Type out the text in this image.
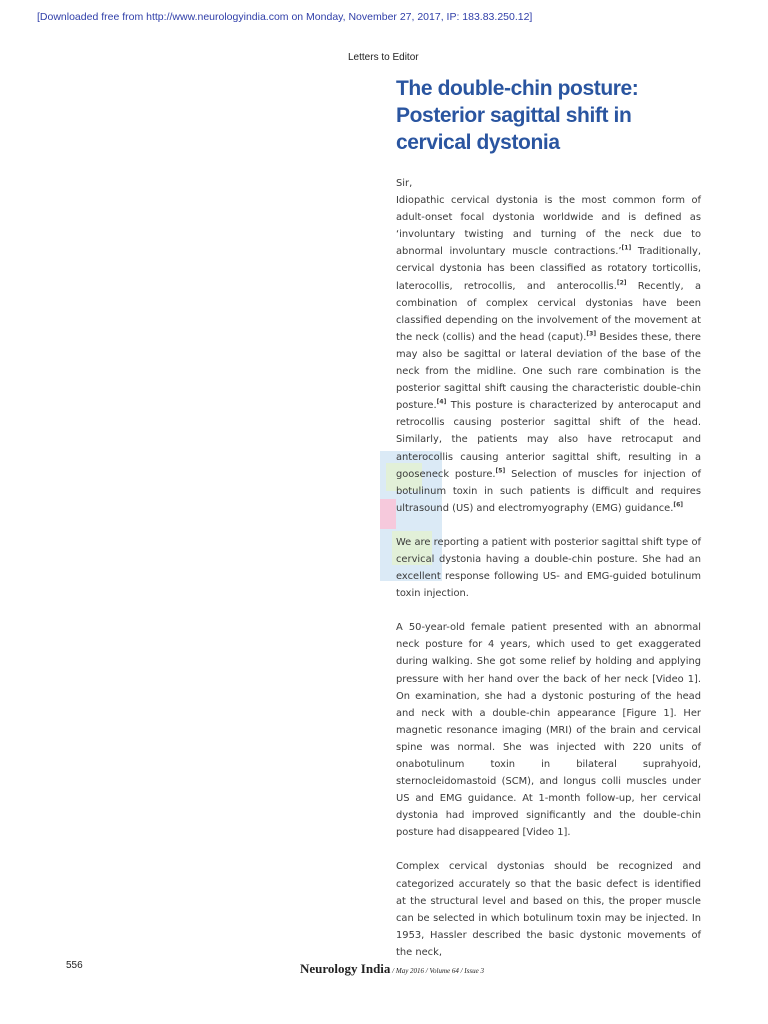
[Downloaded free from http://www.neurologyindia.com on Monday, November 27, 2017, IP: 183.83.250.12]
Letters to Editor
The double-chin posture:
Posterior sagittal shift in
cervical dystonia

Sir,

Idiopathic cervical dystonia is the most common form of adult-onset focal dystonia worldwide and is defined as ‘involuntary twisting and turning of the neck due to abnormal involuntary muscle contractions.’[1] Traditionally, cervical dystonia has been classified as rotatory torticollis, laterocollis, retrocollis, and anterocollis.[2] Recently, a combination of complex cervical dystonias have been classified depending on the involvement of the movement at the neck (collis) and the head (caput).[3] Besides these, there may also be sagittal or lateral deviation of the base of the neck from the midline. One such rare combination is the posterior sagittal shift causing the characteristic double-chin posture.[4] This posture is characterized by anterocaput and retrocollis causing posterior sagittal shift of the head. Similarly, the patients may also have retrocaput and anterocollis causing anterior sagittal shift, resulting in a gooseneck posture.[5] Selection of muscles for injection of botulinum toxin in such patients is difficult and requires ultrasound (US) and electromyography (EMG) guidance.[6]

We are reporting a patient with posterior sagittal shift type of cervical dystonia having a double-chin posture. She had an excellent response following US- and EMG-guided botulinum toxin injection.

A 50-year-old female patient presented with an abnormal neck posture for 4 years, which used to get exaggerated during walking. She got some relief by holding and applying pressure with her hand over the back of her neck [Video 1]. On examination, she had a dystonic posturing of the head and neck with a double-chin appearance [Figure 1]. Her magnetic resonance imaging (MRI) of the brain and cervical spine was normal. She was injected with 220 units of onabotulinum toxin in bilateral suprahyoid, sternocleidomastoid (SCM), and longus colli muscles under US and EMG guidance. At 1-month follow-up, her cervical dystonia had improved significantly and the double-chin posture had disappeared [Video 1].

Complex cervical dystonias should be recognized and categorized accurately so that the basic defect is identified at the structural level and based on this, the proper muscle can be selected in which botulinum toxin may be injected. In 1953, Hassler described the basic dystonic movements of the neck,

556	Neurology India / May 2016 / Volume 64 / Issue 3
